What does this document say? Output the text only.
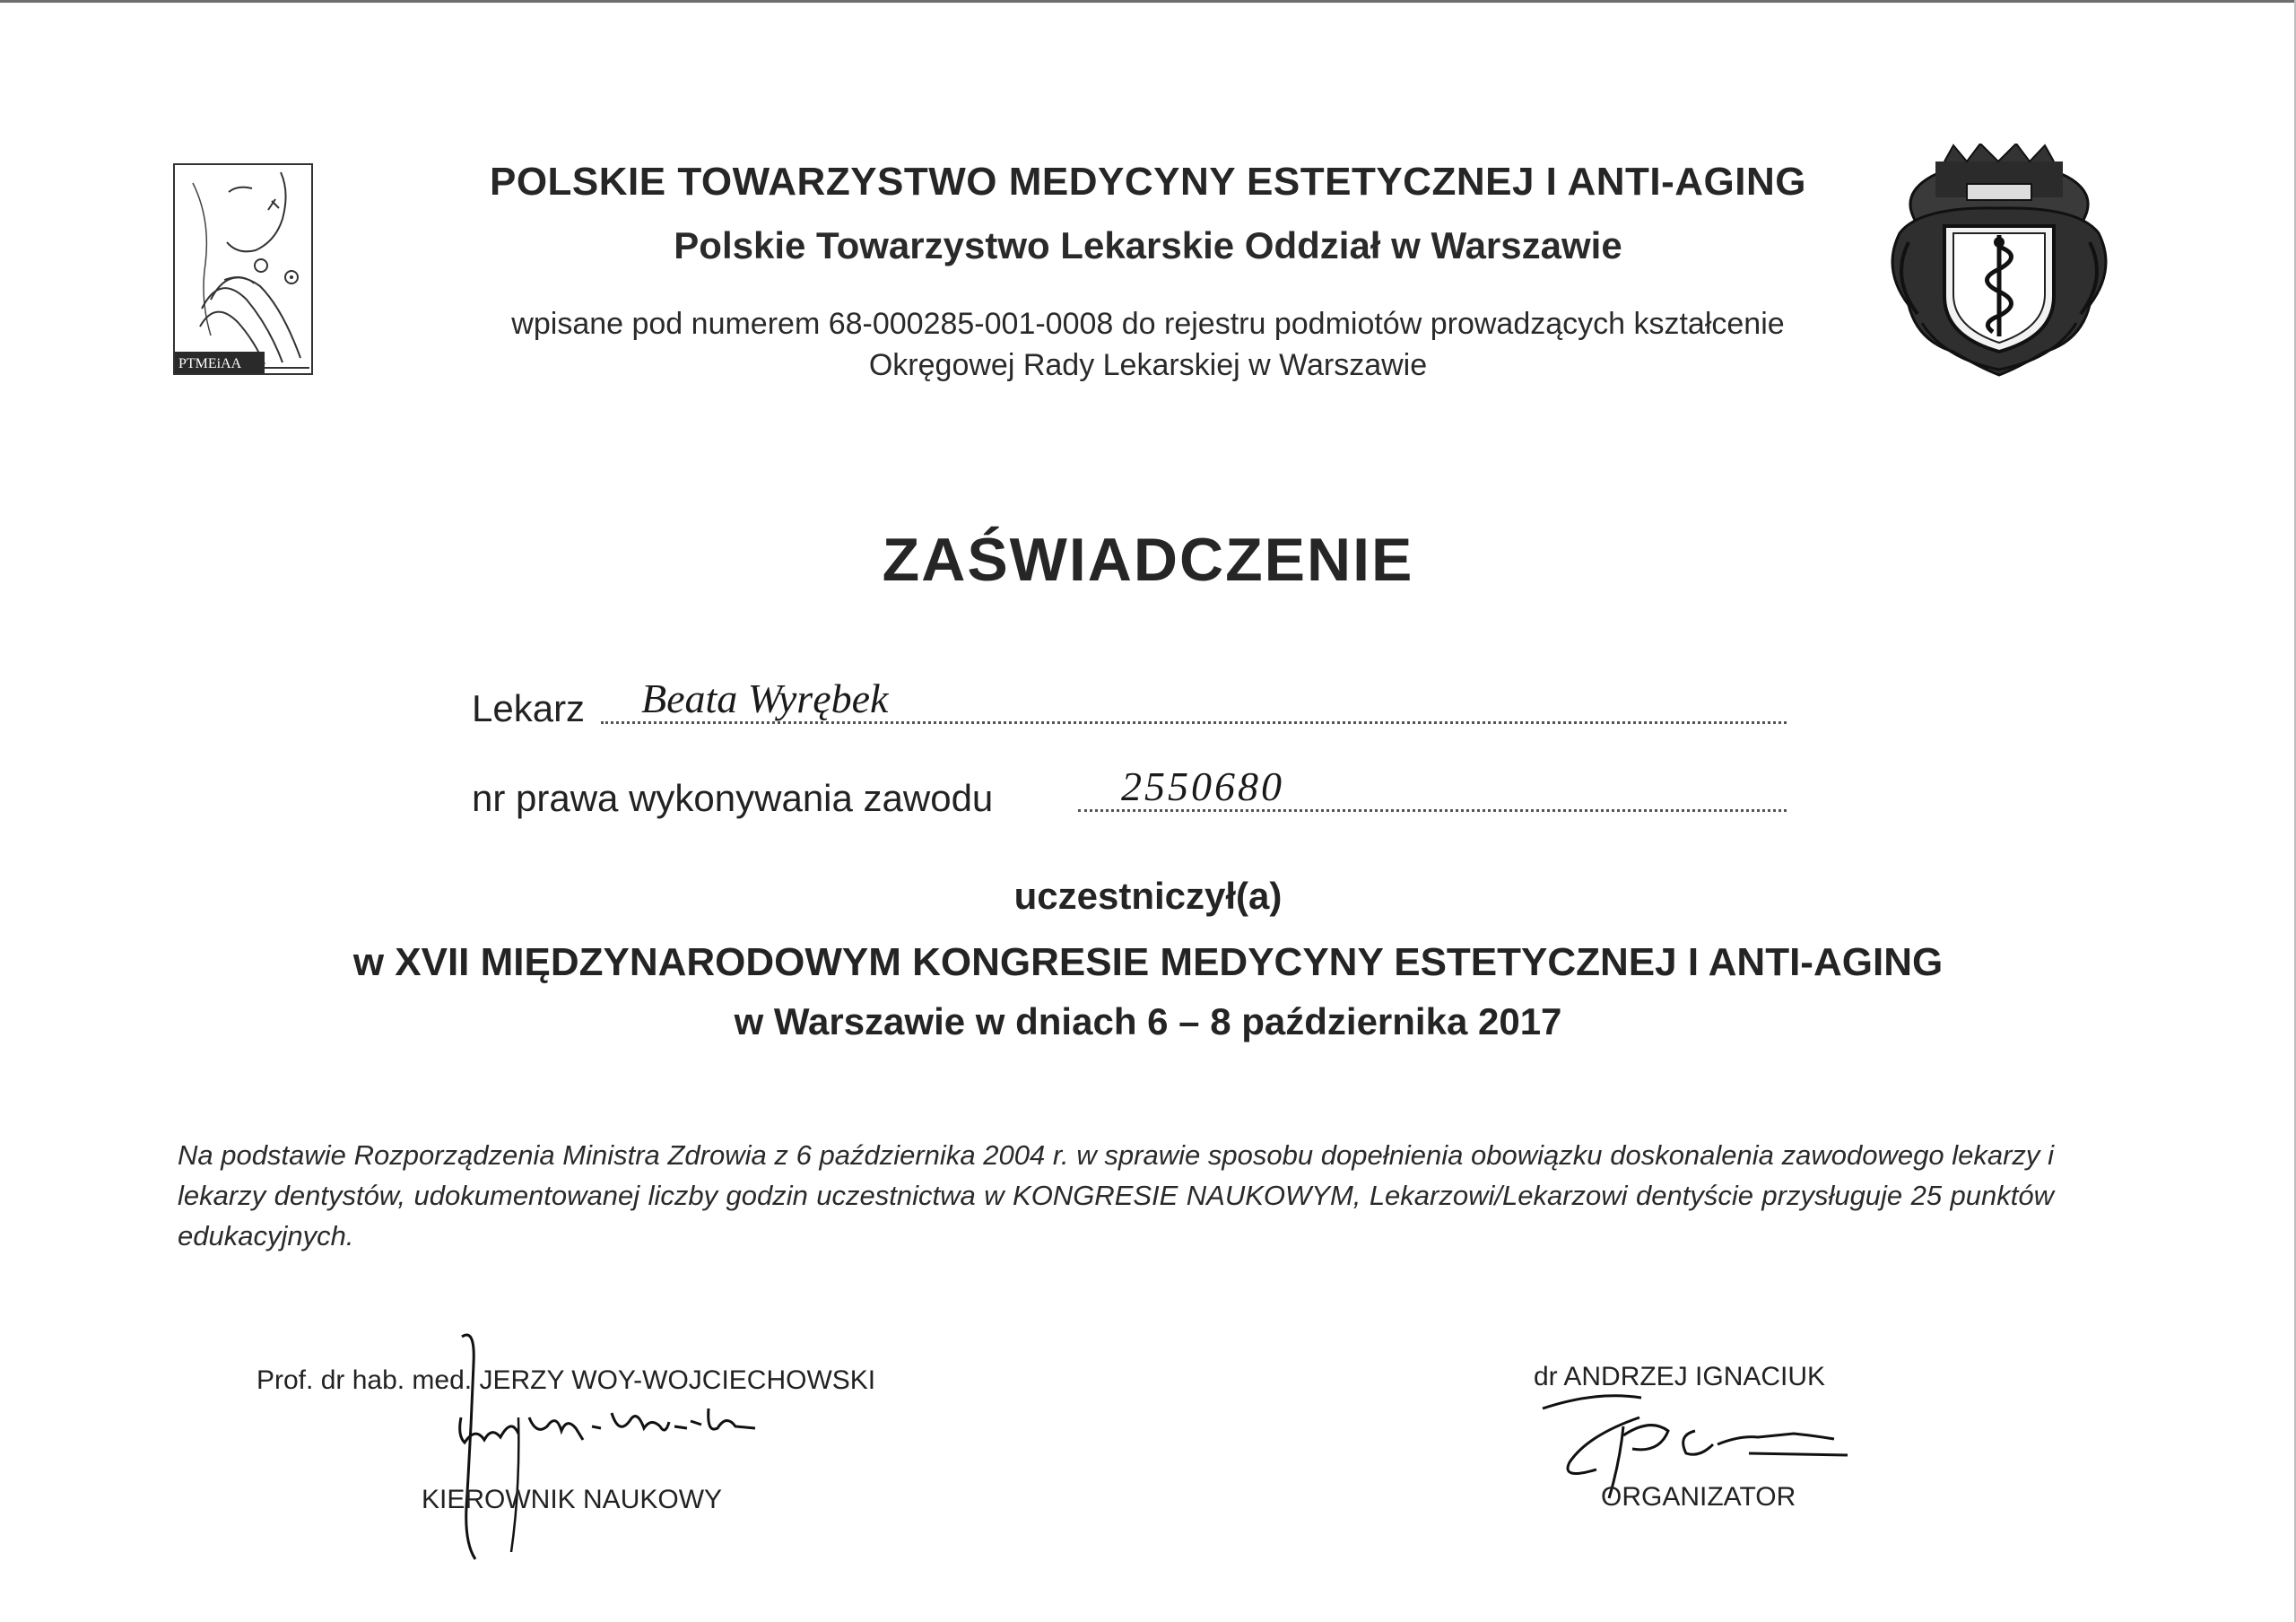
PTMEiAA
POLSKIE TOWARZYSTWO MEDYCYNY ESTETYCZNEJ I ANTI-AGING
Polskie Towarzystwo Lekarskie Oddział w Warszawie
wpisane pod numerem 68-000285-001-0008 do rejestru podmiotów prowadzących kształcenie
Okręgowej Rady Lekarskiej w Warszawie
ZAŚWIADCZENIE
Lekarz Beata Wyrębek
nr prawa wykonywania zawodu	2550680
uczestniczył(a)
w XVII MIĘDZYNARODOWYM KONGRESIE MEDYCYNY ESTETYCZNEJ I ANTI-AGING
w Warszawie w dniach 6 – 8 października 2017
Na podstawie Rozporządzenia Ministra Zdrowia z 6 października 2004 r. w sprawie sposobu dopełnienia obowiązku doskonalenia zawodowego lekarzy i lekarzy dentystów, udokumentowanej liczby godzin uczestnictwa w KONGRESIE NAUKOWYM, Lekarzowi/Lekarzowi dentyście przysługuje 25 punktów edukacyjnych.
Prof. dr hab. med. JERZY WOY-WOJCIECHOWSKI
KIEROWNIK NAUKOWY
dr ANDRZEJ IGNACIUK
ORGANIZATOR
